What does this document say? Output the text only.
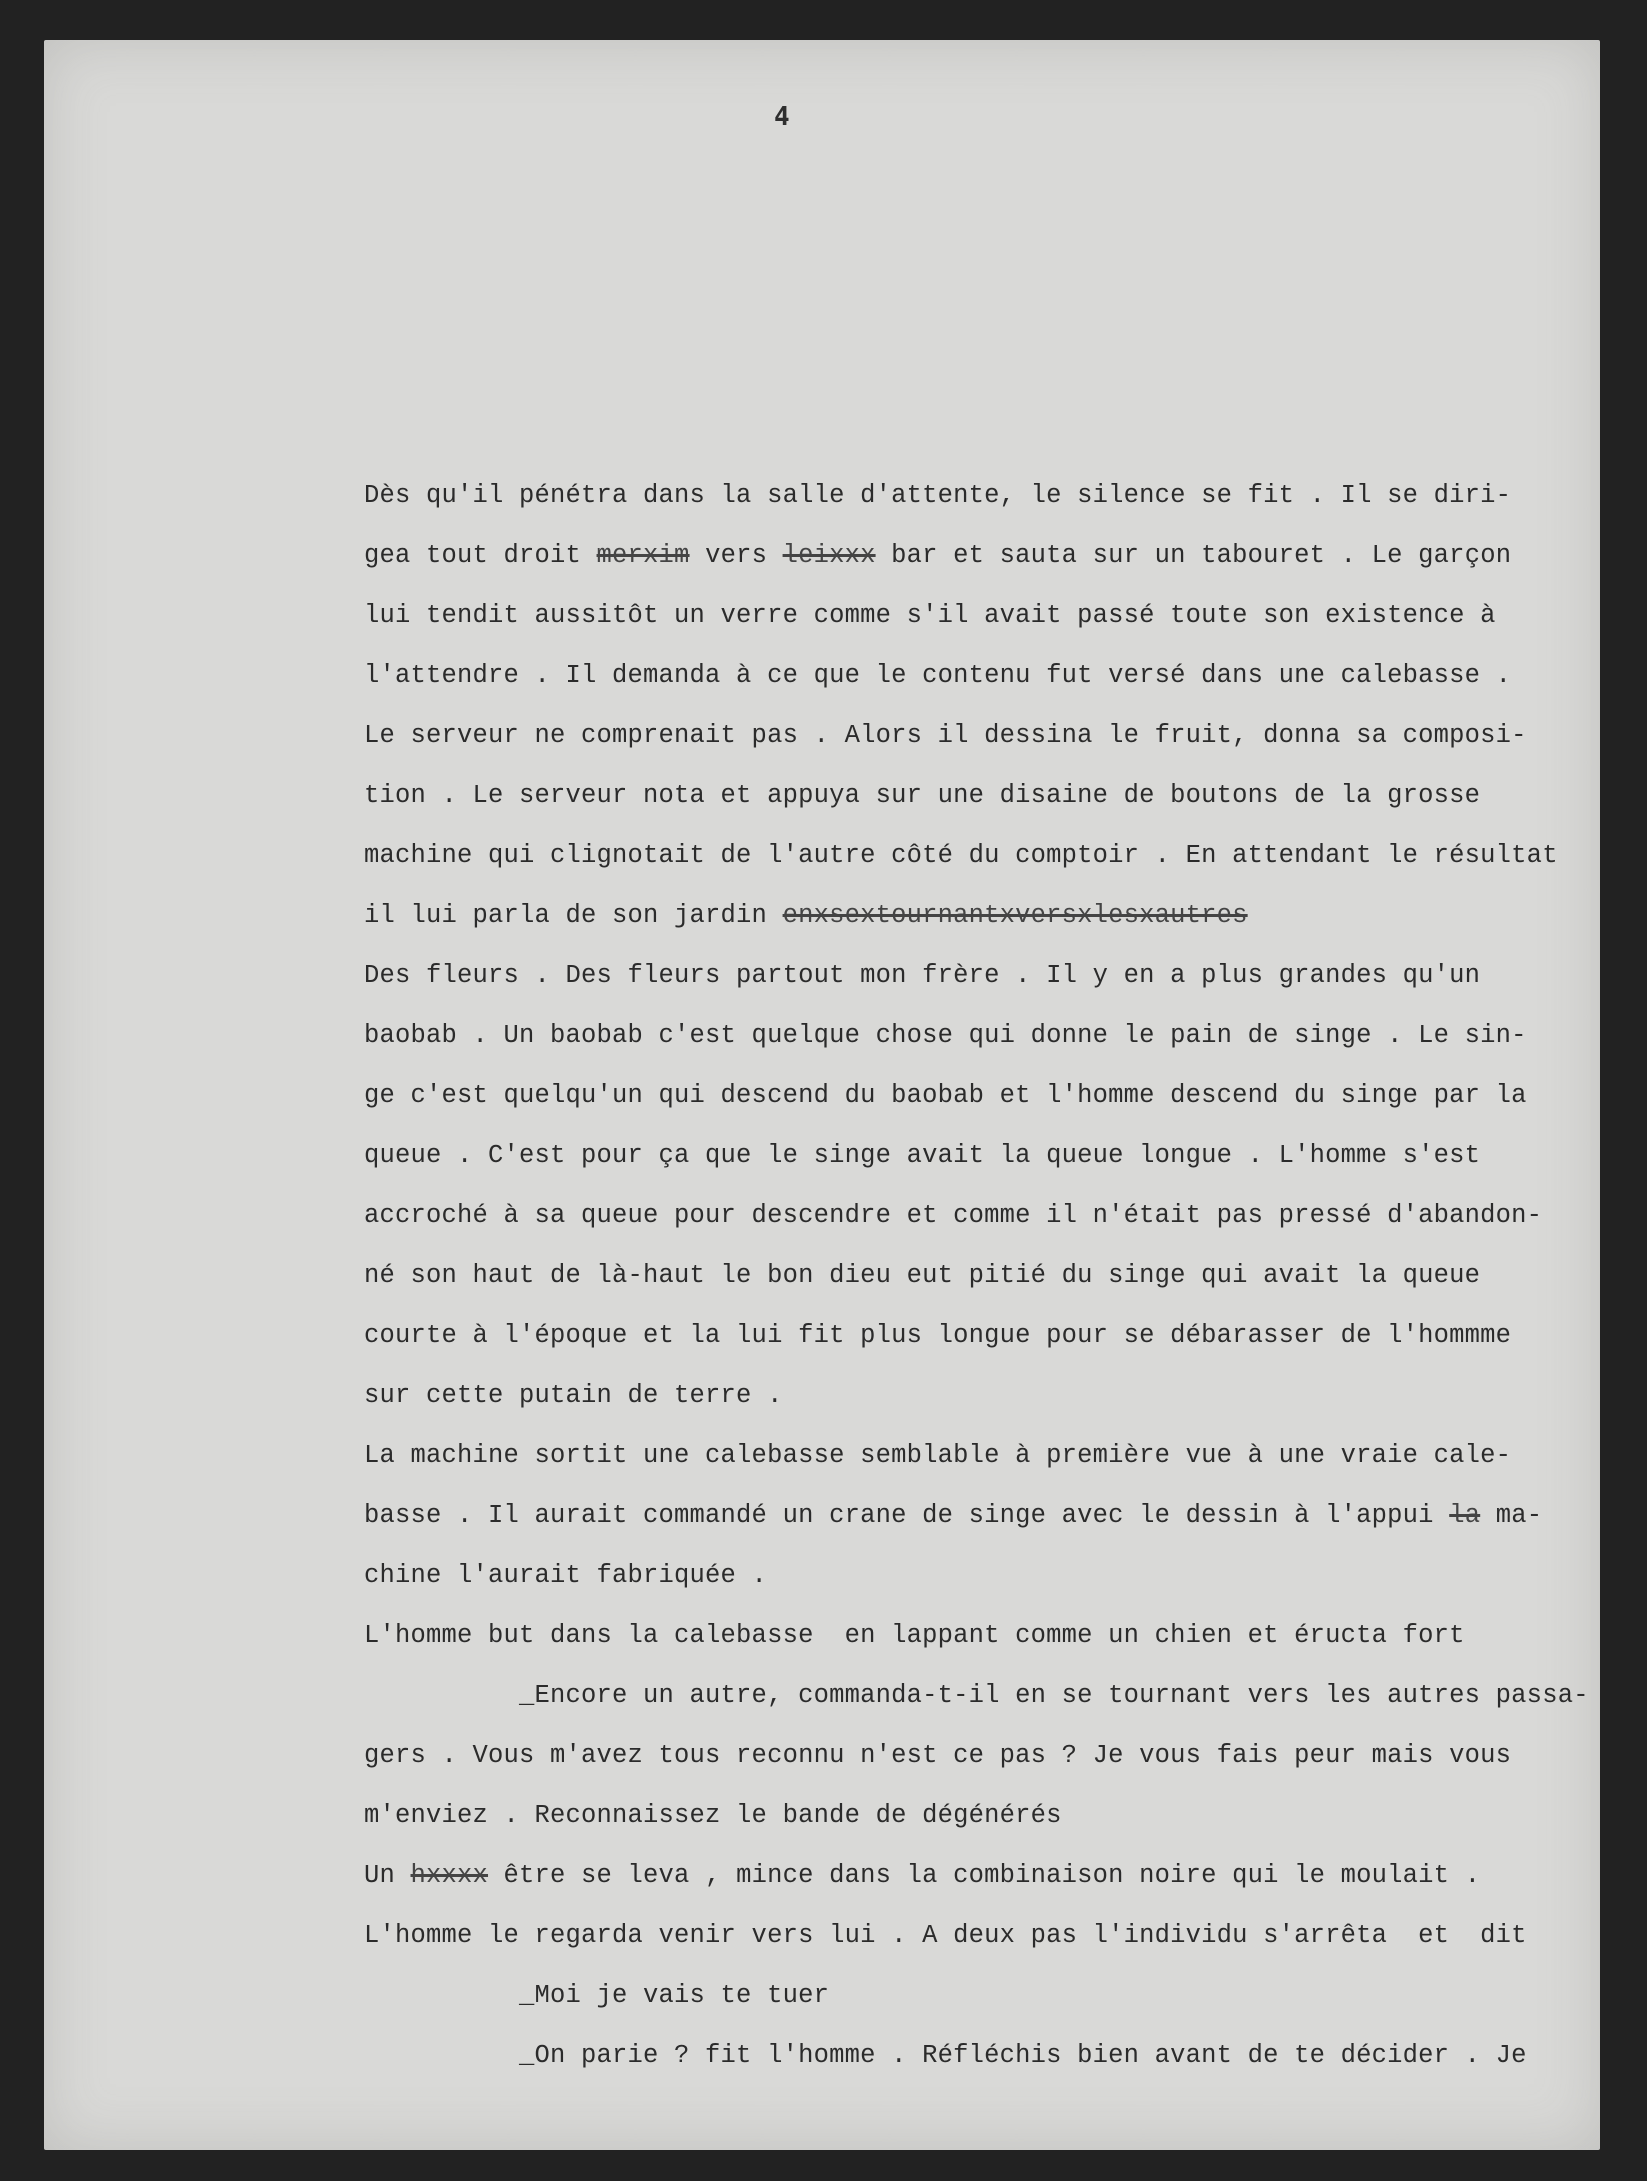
4
Dès qu'il pénétra dans la salle d'attente, le silence se fit . Il se diri-
gea tout droit merxim vers leixxx bar et sauta sur un tabouret . Le garçon
lui tendit aussitôt un verre comme s'il avait passé toute son existence à
l'attendre . Il demanda à ce que le contenu fut versé dans une calebasse .
Le serveur ne comprenait pas . Alors il dessina le fruit, donna sa composi-
tion . Le serveur nota et appuya sur une disaine de boutons de la grosse
machine qui clignotait de l'autre côté du comptoir . En attendant le résultat
il lui parla de son jardin enxsextournantxversxlesxautres
Des fleurs . Des fleurs partout mon frère . Il y en a plus grandes qu'un
baobab . Un baobab c'est quelque chose qui donne le pain de singe . Le sin-
ge c'est quelqu'un qui descend du baobab et l'homme descend du singe par la
queue . C'est pour ça que le singe avait la queue longue . L'homme s'est
accroché à sa queue pour descendre et comme il n'était pas pressé d'abandon-
né son haut de là-haut le bon dieu eut pitié du singe qui avait la queue
courte à l'époque et la lui fit plus longue pour se débarasser de l'hommme
sur cette putain de terre .
La machine sortit une calebasse semblable à première vue à une vraie cale-
basse . Il aurait commandé un crane de singe avec le dessin à l'appui la ma-
chine l'aurait fabriquée .
L'homme but dans la calebasse  en lappant comme un chien et éructa fort
_Encore un autre, commanda-t-il en se tournant vers les autres passa-
gers . Vous m'avez tous reconnu n'est ce pas ? Je vous fais peur mais vous
m'enviez . Reconnaissez le bande de dégénérés
Un hxxxx être se leva , mince dans la combinaison noire qui le moulait .
L'homme le regarda venir vers lui . A deux pas l'individu s'arrêta  et  dit
_Moi je vais te tuer
_On parie ? fit l'homme . Réfléchis bien avant de te décider . Je
